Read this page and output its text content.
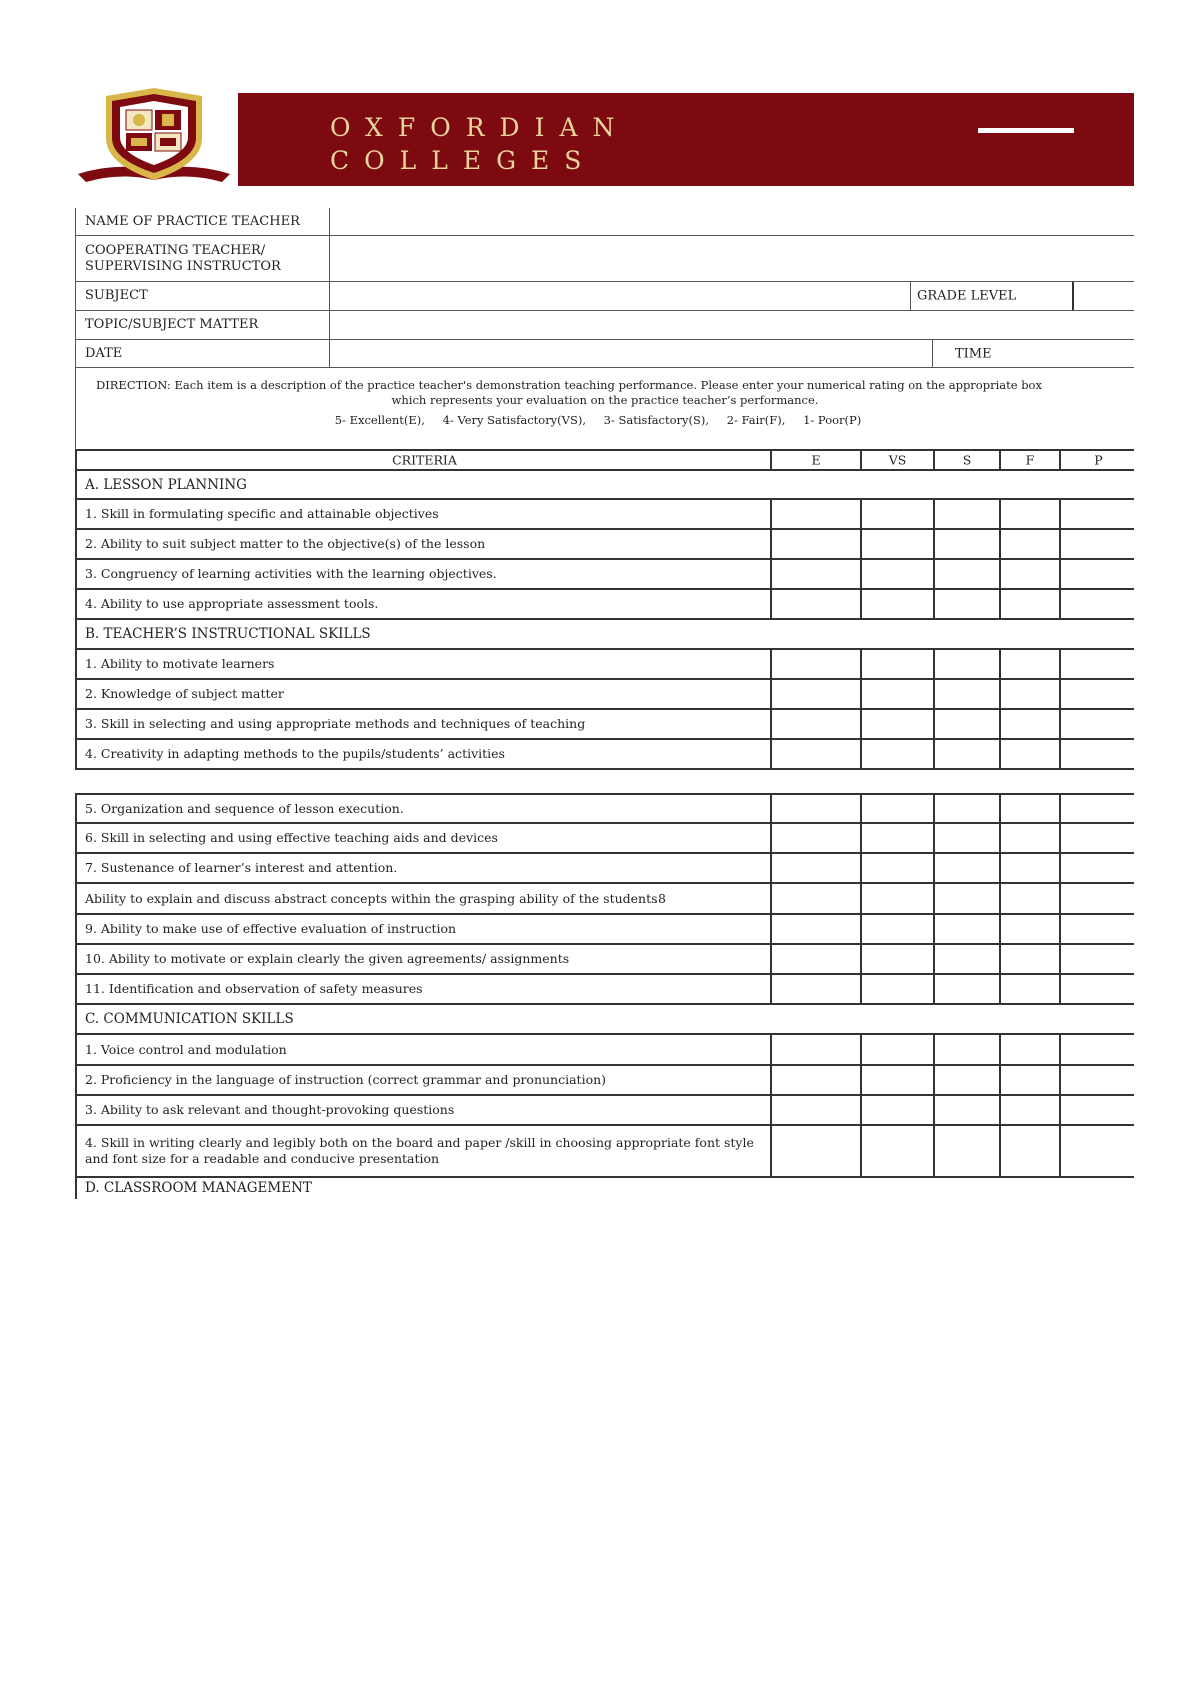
OXFORDIAN
COLLEGES
NAME OF PRACTICE TEACHER
COOPERATING TEACHER/
SUPERVISING INSTRUCTOR
SUBJECT	GRADE LEVEL
TOPIC/SUBJECT MATTER
DATE	TIME
DIRECTION: Each item is a description of the practice teacher's demonstration teaching performance. Please enter your numerical rating on the appropriate box
which represents your evaluation on the practice teacher’s performance.
5- Excellent(E), 4- Very Satisfactory(VS), 3- Satisfactory(S), 2- Fair(F), 1- Poor(P)
CRITERIA	E	VS	S	F	P
A. LESSON PLANNING
1. Skill in formulating specific and attainable objectives
2. Ability to suit subject matter to the objective(s) of the lesson
3. Congruency of learning activities with the learning objectives.
4. Ability to use appropriate assessment tools.
B. TEACHER’S INSTRUCTIONAL SKILLS
1. Ability to motivate learners
2. Knowledge of subject matter
3. Skill in selecting and using appropriate methods and techniques of teaching
4. Creativity in adapting methods to the pupils/students’ activities
5. Organization and sequence of lesson execution.
6. Skill in selecting and using effective teaching aids and devices
7. Sustenance of learner’s interest and attention.
Ability to explain and discuss abstract concepts within the grasping ability of the students
.8
9. Ability to make use of effective evaluation of instruction
10. Ability to motivate or explain clearly the given agreements/ assignments
11. Identification and observation of safety measures
C. COMMUNICATION SKILLS
1. Voice control and modulation
2. Proficiency in the language of instruction (correct grammar and pronunciation)
3. Ability to ask relevant and thought-provoking questions
4. Skill in writing clearly and legibly both on the board and paper /skill in choosing appropriate font style
and font size for a readable and conducive presentation
D. CLASSROOM MANAGEMENT
